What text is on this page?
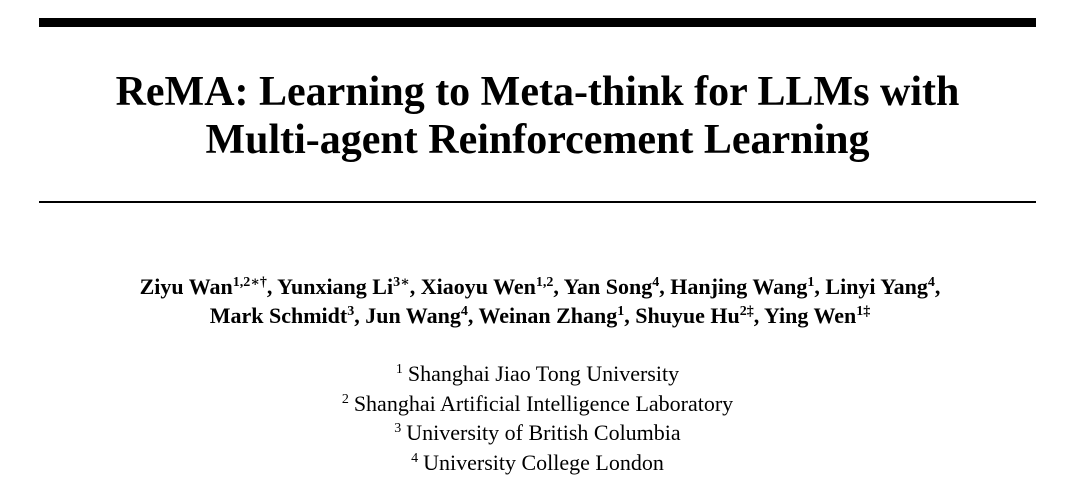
ReMA: Learning to Meta-think for LLMs with
Multi-agent Reinforcement Learning
Ziyu Wan$^{1,2∗\dagger}$, Yunxiang $Li^{3∗}$, Xiaoyu Wen$^{1,2}$, Yan Song$^4$, Hanjing Wang$^1$, Linyi Yang$^4$,
Mark Schmidt$^3$, Jun Wang$^4$, Weinan Zhang$^1$, Shuyue $Hu^{2\ddagger}$, Ying Wen$^{1\ddagger}$
$^1$ Shanghai Jiao Tong University
$^2$ Shanghai Artificial Intelligence Laboratory
$^3$ University of British Columbia
$^4$ University College London
